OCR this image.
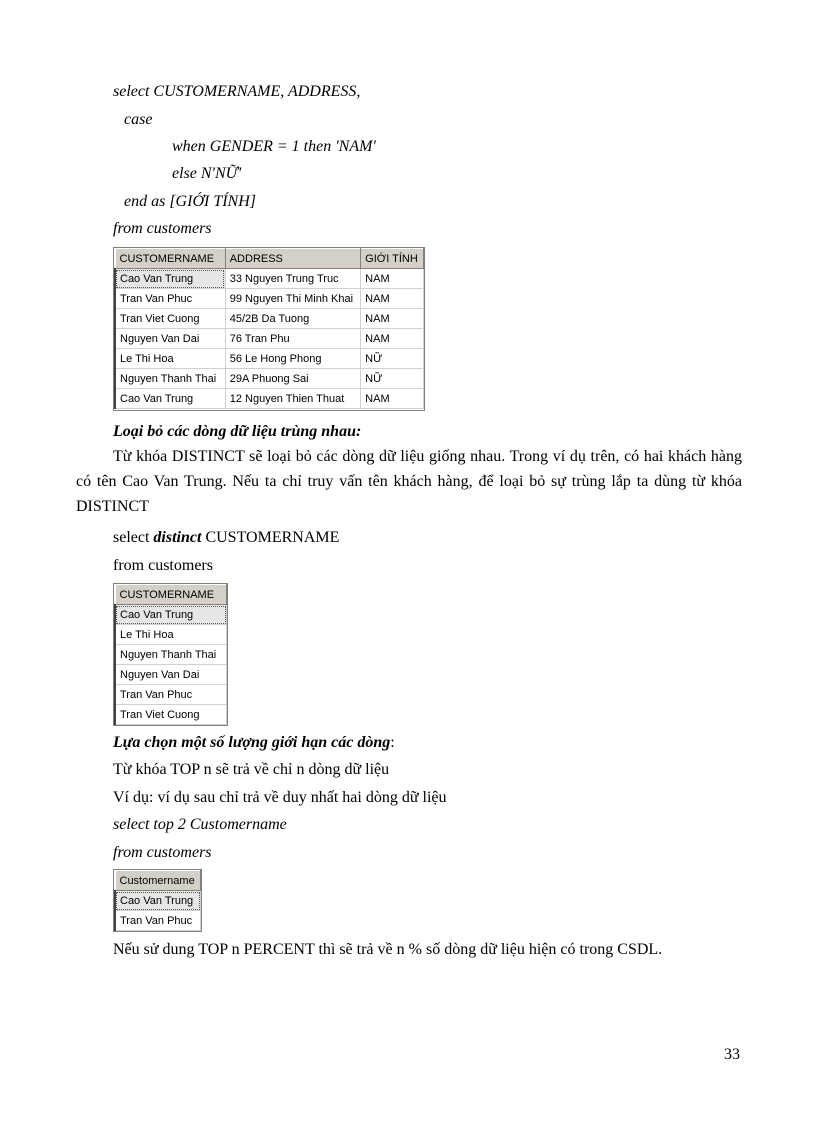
select CUSTOMERNAME, ADDRESS,
case
when GENDER = 1 then 'NAM'
else N'NỮ'
end as [GIỚI TÍNH]
from customers
CUSTOMERNAME	ADDRESS	GIỚI TÍNH
Cao Van Trung	33 Nguyen Trung Truc	NAM
Tran Van Phuc	99 Nguyen Thi Minh Khai	NAM
Tran Viet Cuong	45/2B Da Tuong	NAM
Nguyen Van Dai	76 Tran Phu	NAM
Le Thi Hoa	56 Le Hong Phong	NỮ
Nguyen Thanh Thai	29A Phuong Sai	NỮ
Cao Van Trung	12 Nguyen Thien Thuat	NAM
Loại bỏ các dòng dữ liệu trùng nhau:
Từ khóa DISTINCT sẽ loại bỏ các dòng dữ liệu giống nhau. Trong ví dụ trên, có hai khách hàng có tên Cao Van Trung. Nếu ta chỉ truy vấn tên khách hàng, để loại bỏ sự trùng lắp ta dùng từ khóa DISTINCT
select distinct CUSTOMERNAME
from customers
CUSTOMERNAME
Cao Van Trung
Le Thi Hoa
Nguyen Thanh Thai
Nguyen Van Dai
Tran Van Phuc
Tran Viet Cuong
Lựa chọn một số lượng giới hạn các dòng:
Từ khóa TOP n sẽ trả về chỉ n dòng dữ liệu
Ví dụ: ví dụ sau chỉ trả về duy nhất hai dòng dữ liệu
select top 2 Customername
from customers
Customername
Cao Van Trung
Tran Van Phuc
Nếu sử dung TOP n PERCENT thì sẽ trả về n % số dòng dữ liệu hiện có trong CSDL.
33
